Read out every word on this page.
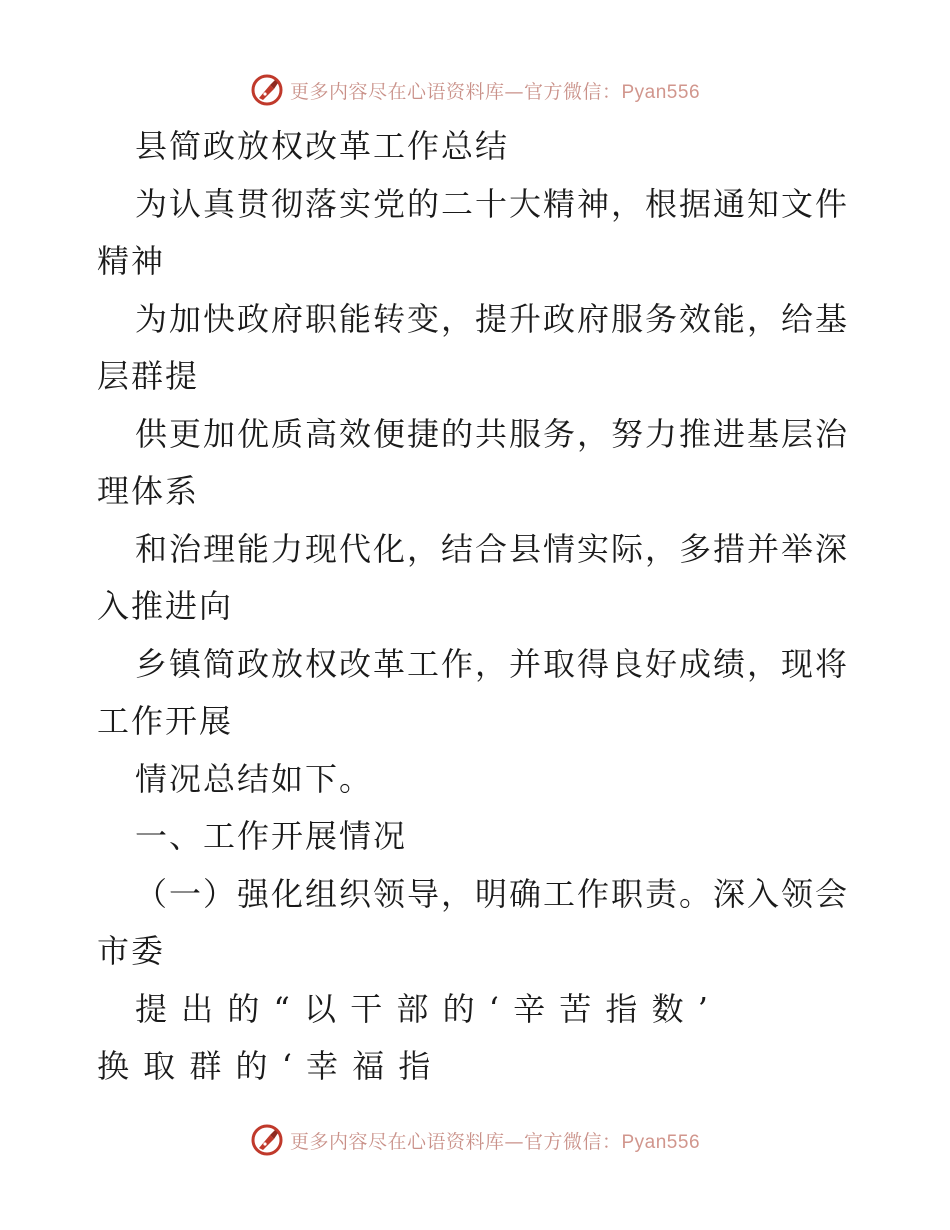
更多内容尽在心语资料库—官方微信：Pyan556
县简政放权改革工作总结
为认真贯彻落实党的二十大精神，根据通知文件
精神
为加快政府职能转变，提升政府服务效能，给基
层群提
供更加优质高效便捷的共服务，努力推进基层治
理体系
和治理能力现代化，结合县情实际，多措并举深
入推进向
乡镇简政放权改革工作，并取得良好成绩，现将
工作开展
情况总结如下。
一、工作开展情况
（一）强化组织领导，明确工作职责。深入领会
市委
提 出 的 “ 以 干 部 的 ‘ 辛 苦 指 数 ’
换 取 群 的 ‘ 幸 福 指
更多内容尽在心语资料库—官方微信：Pyan556
